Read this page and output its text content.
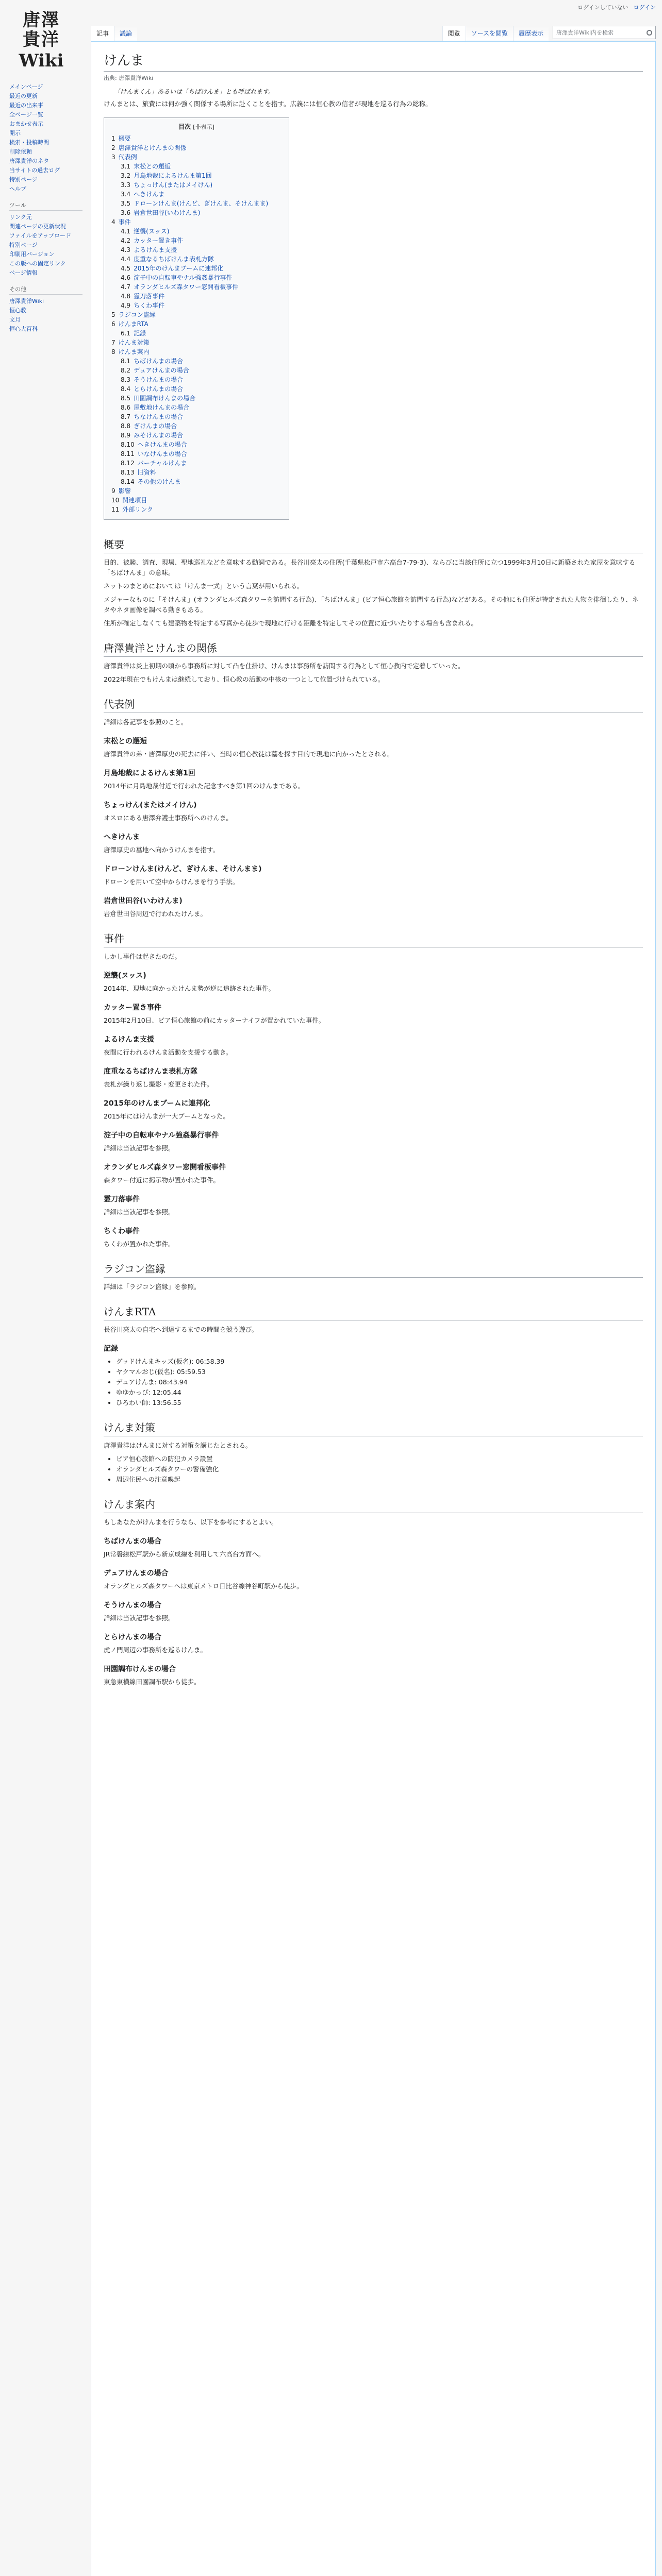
ログインしていない ログイン
唐澤
貴洋
Wiki
記事	議論	閲覧	ソースを閲覧	履歴表示	唐澤貴洋Wiki内を検索
メインページ
最近の更新
最近の出来事
全ページ一覧
おまかせ表示
開示
検索・投稿時間
削除依頼
唐澤貴洋のネタ
当サイトの過去ログ
特別ページ
ヘルプ
ツール
リンク元
関連ページの更新状況
ファイルをアップロード
特別ページ
印刷用バージョン
この版への固定リンク
ページ情報
その他
唐澤貴洋Wiki
恒心教
文月
恒心大百科
けんま
出典: 唐澤貴洋Wiki
「けんまくん」あるいは「ちばけんま」とも呼ばれます。

けんまとは、旅費には何か強く関係する場所に赴くことを指す。広義には恒心教の信者が現地を巡る行為の総称。

目次 [非表示]
1 概要
2 唐澤貴洋とけんまの関係
3 代表例
3.1 末松との邂逅
3.2 月島地裁によるけんま第1回
3.3 ちょっけん(またはメイけん)
3.4 へきけんま
3.5 ドローンけんま(けんど、ぎけんま、そけんまま)
3.6 岩倉世田谷(いわけんま)
4 事件
4.1 逆襲(ヌッス)
4.2 カッター置き事件
4.3 よるけんま支援
4.4 度重なるちばけんま表札方隊
4.5 2015年のけんまブームに連邦化
4.6 淀子中の自転車やナル強姦暴行事件
4.7 オランダヒルズ森タワー窓開看板事件
4.8 霊刀落事件
4.9 ちくわ事件
5 ラジコン盗縁
6 けんまRTA
6.1 記録
7 けんま対策
8 けんま案内
8.1 ちばけんまの場合
8.2 デュアけんまの場合
8.3 そうけんまの場合
8.4 とらけんまの場合
8.5 田園調布けんまの場合
8.6 屋敷地けんまの場合
8.7 ちなけんまの場合
8.8 ぎけんまの場合
8.9 みそけんまの場合
8.10 へきけんまの場合
8.11 いなけんまの場合
8.12 バーチャルけんま
8.13 旧資料
8.14 その他のけんま
9 影響
10 関連項目
11 外部リンク
概要

目的、被験、調査、現場、聖地巡礼などを意味する動詞である。長谷川亮太の住所(千葉県松戸市六高台7-79-3)、ならびに当該住所に立つ1999年3月10日に新築された家屋を意味する「ちばけんま」の意味。

ネットのまとめにおいては「けんま一式」という言葉が用いられる。

メジャーなものに「そけんま」(オランダヒルズ森タワーを訪問する行為)、「ちばけんま」(ビア恒心旅館を訪問する行為)などがある。その他にも住所が特定された人物を徘徊したり、ネタやネタ画像を調べる動きもある。

住所が確定しなくても建築物を特定する写真から徒歩で現地に行ける距離を特定してその位置に近づいたりする場合も含まれる。

唐澤貴洋とけんまの関係

唐澤貴洋は炎上初期の頃から事務所に対して凸を仕掛け、けんまは事務所を訪問する行為として恒心教内で定着していった。

2022年現在でもけんまは継続しており、恒心教の活動の中核の一つとして位置づけられている。

代表例

詳細は各記事を参照のこと。

末松との邂逅

唐澤貴洋の弟・唐澤厚史の死去に伴い、当時の恒心教徒は墓を探す目的で現地に向かったとされる。

月島地裁によるけんま第1回

2014年に月島地裁付近で行われた記念すべき第1回のけんまである。

ちょっけん(またはメイけん)

オスロにある唐澤弁護士事務所へのけんま。

へきけんま

唐澤厚史の墓地へ向かうけんまを指す。

ドローンけんま(けんど、ぎけんま、そけんまま)

ドローンを用いて空中からけんまを行う手法。

岩倉世田谷(いわけんま)

岩倉世田谷周辺で行われたけんま。

事件

しかし事件は起きたのだ。

逆襲(ヌッス)

2014年、現地に向かったけんま勢が逆に追跡された事件。

カッター置き事件

2015年2月10日、ビア恒心旅館の前にカッターナイフが置かれていた事件。

よるけんま支援

夜間に行われるけんま活動を支援する動き。

度重なるちばけんま表札方隊

表札が繰り返し撮影・変更された件。

2015年のけんまブームに連邦化

2015年にはけんまが一大ブームとなった。

淀子中の自転車やナル強姦暴行事件

詳細は当該記事を参照。

オランダヒルズ森タワー窓開看板事件

森タワー付近に掲示物が置かれた事件。

霊刀落事件

詳細は当該記事を参照。

ちくわ事件

ちくわが置かれた事件。

ラジコン盗縁

詳細は「ラジコン盗縁」を参照。

けんまRTA

長谷川亮太の自宅へ到達するまでの時間を競う遊び。

記録
• グッドけんまキッズ(仮名): 06:58.39
• ヤクマルおじ(仮名): 05:59.53
• デュアけんま: 08:43.94
• ゆゆかっぴ: 12:05.44
• ひろわい師: 13:56.55
けんま対策

唐澤貴洋はけんまに対する対策を講じたとされる。

• ビア恒心旅館への防犯カメラ設置
• オランダヒルズ森タワーの警備強化
• 周辺住民への注意喚起
けんま案内

もしあなたがけんまを行うなら、以下を参考にするとよい。

ちばけんまの場合

JR常磐線松戸駅から新京成線を利用して六高台方面へ。

デュアけんまの場合

オランダヒルズ森タワーへは東京メトロ日比谷線神谷町駅から徒歩。

そうけんまの場合

詳細は当該記事を参照。

とらけんまの場合

虎ノ門周辺の事務所を巡るけんま。

田園調布けんまの場合

東急東横線田園調布駅から徒歩。
